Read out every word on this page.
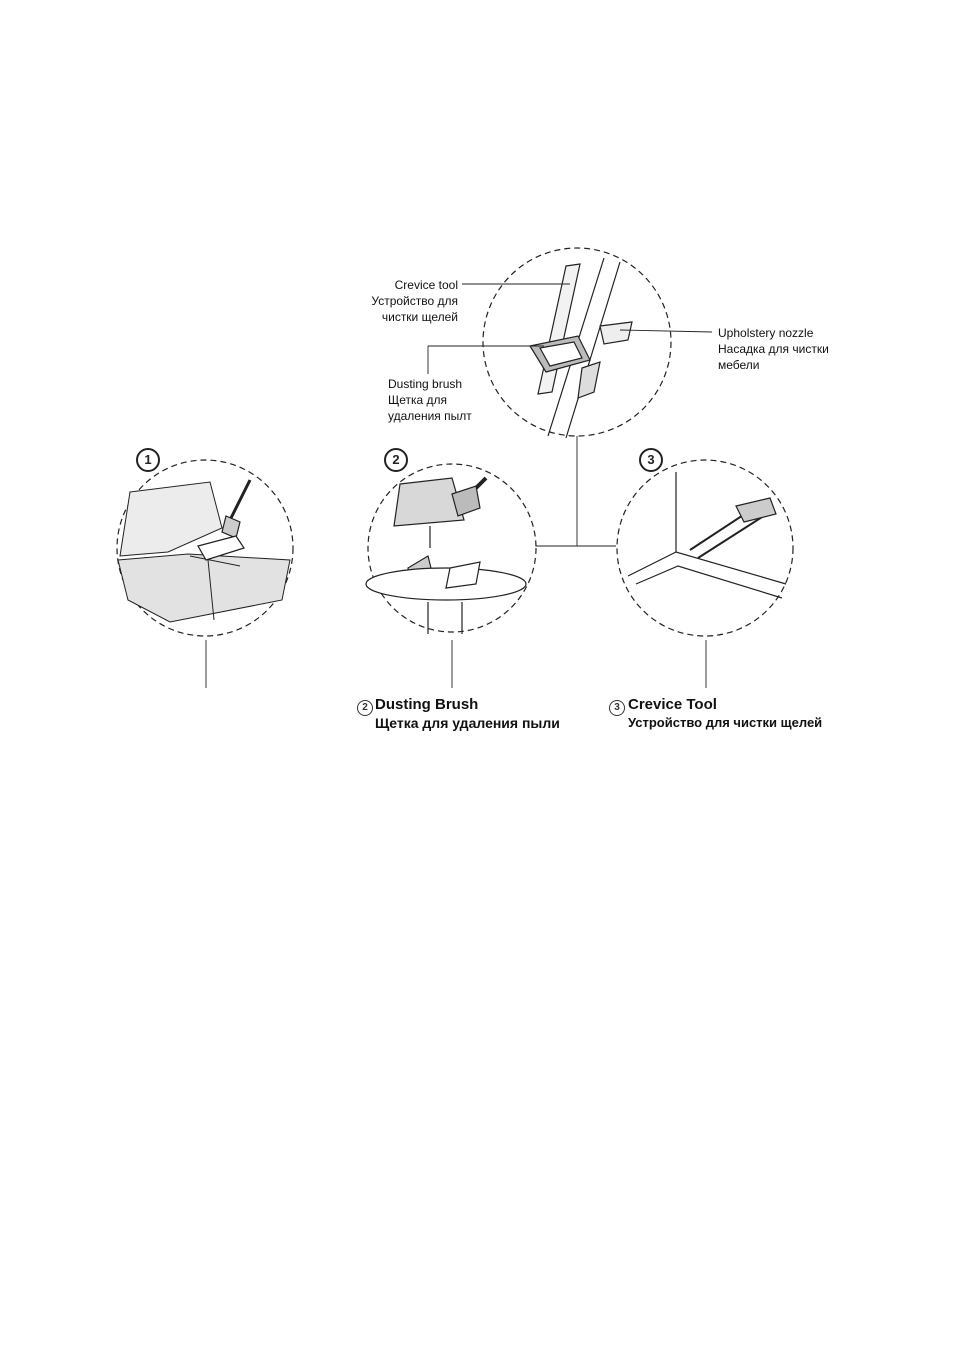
Crevice tool
Устройство для
чистки щелей
Upholstery nozzle
Насадка для чистки
мебели
Dusting brush
Щетка для
удаления пылт
1	2	3
2 Dusting Brush
Щетка для удаления пыли
3 Crevice Tool
Устройство для чистки щелей
